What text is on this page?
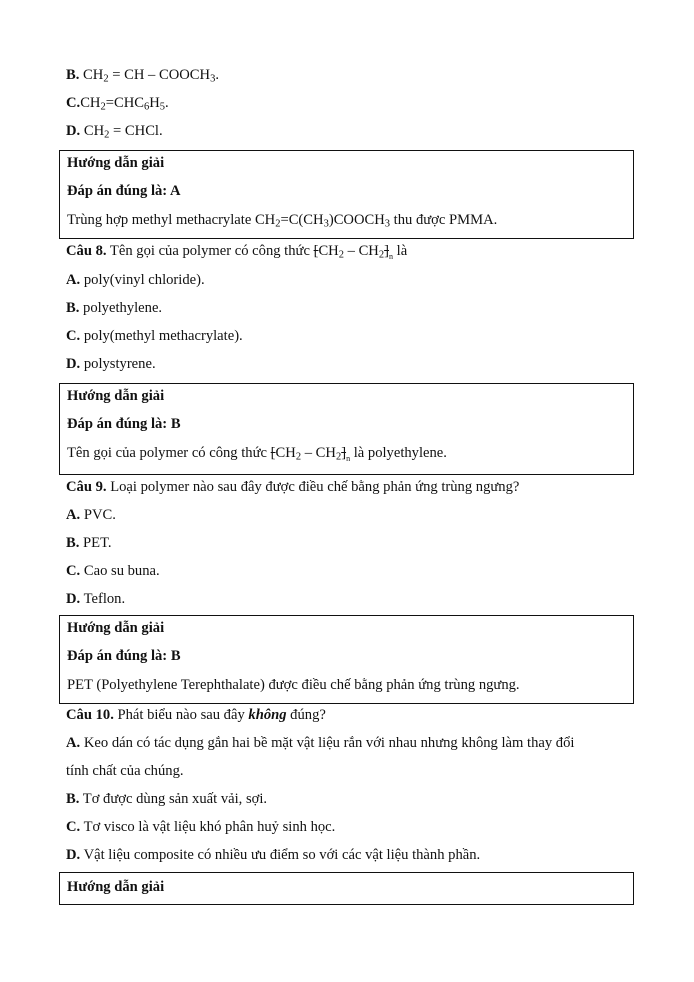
B. $CH_2$ = CH – $COOCH_3$.
$C.CH_2=CHC_6H_5$.
D. $CH_2$ = CHCl.
Hướng dẫn giải
Đáp án đúng là: A
Trùng hợp methyl methacrylate $CH_2=C(CH_3)COOCH_3$ thu được PMMA.
Câu 8. Tên gọi của polymer có công thức $[CH_2 - CH_2]_n$ là
A. poly(vinyl chloride).
B. polyethylene.
C. poly(methyl methacrylate).
D. polystyrene.
Hướng dẫn giải
Đáp án đúng là: B
Tên gọi của polymer có công thức $[CH_2 - CH_2]_n$ là polyethylene.
Câu 9. Loại polymer nào sau đây được điều chế bằng phản ứng trùng ngưng?
A. PVC.
B. PET.
C. Cao su buna.
D. Teflon.
Hướng dẫn giải
Đáp án đúng là: B
PET (Polyethylene Terephthalate) được điều chế bằng phản ứng trùng ngưng.
Câu 10. Phát biểu nào sau đây không đúng?
A. Keo dán có tác dụng gắn hai bề mặt vật liệu rắn với nhau nhưng không làm thay đổi
tính chất của chúng.
B. Tơ được dùng sản xuất vải, sợi.
C. Tơ visco là vật liệu khó phân huỷ sinh học.
D. Vật liệu composite có nhiều ưu điểm so với các vật liệu thành phần.
Hướng dẫn giải
